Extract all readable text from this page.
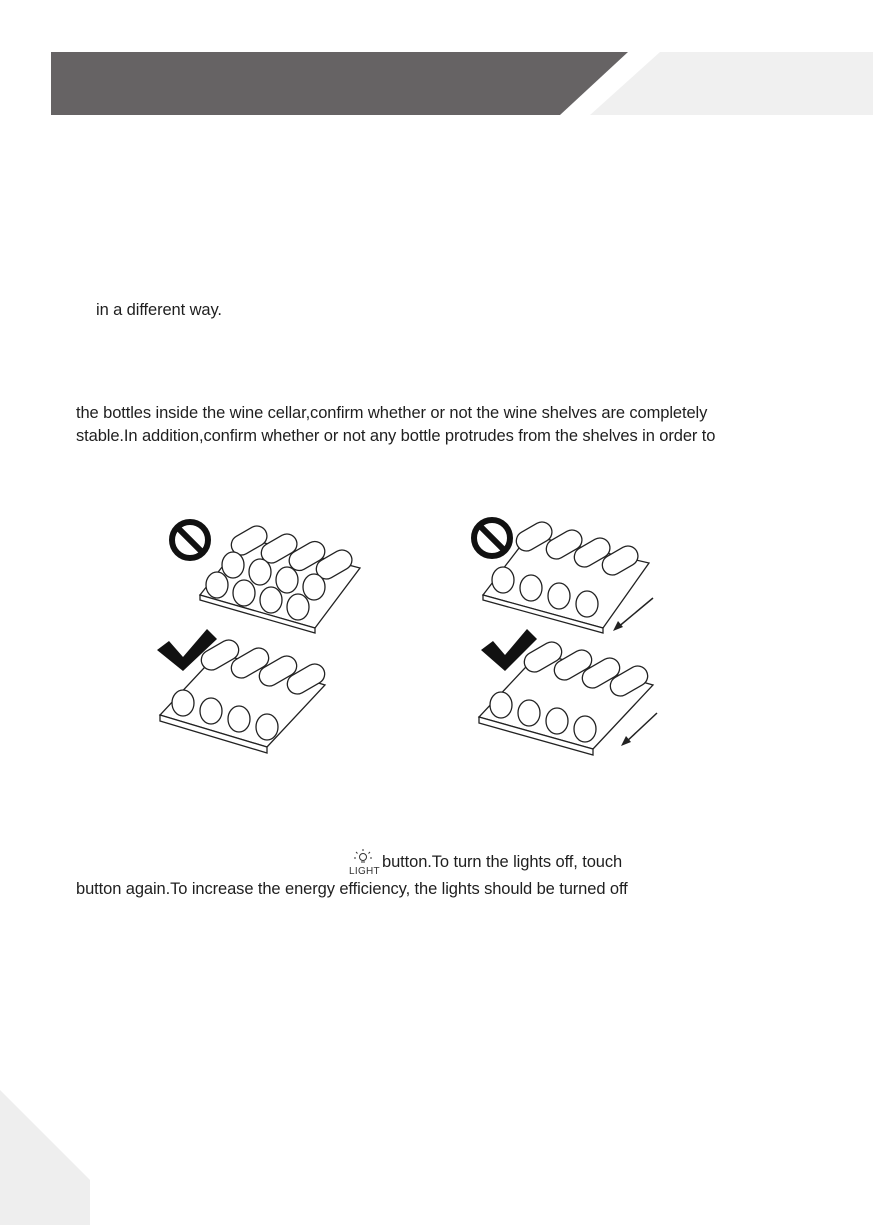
in a different way.
the bottles inside the wine cellar,confirm whether or not the wine shelves are completely
stable.In addition,confirm whether or not any bottle protrudes from the shelves in order to
LIGHT
button.To turn the lights off, touch
button again.To increase the energy efficiency, the lights should be turned off
